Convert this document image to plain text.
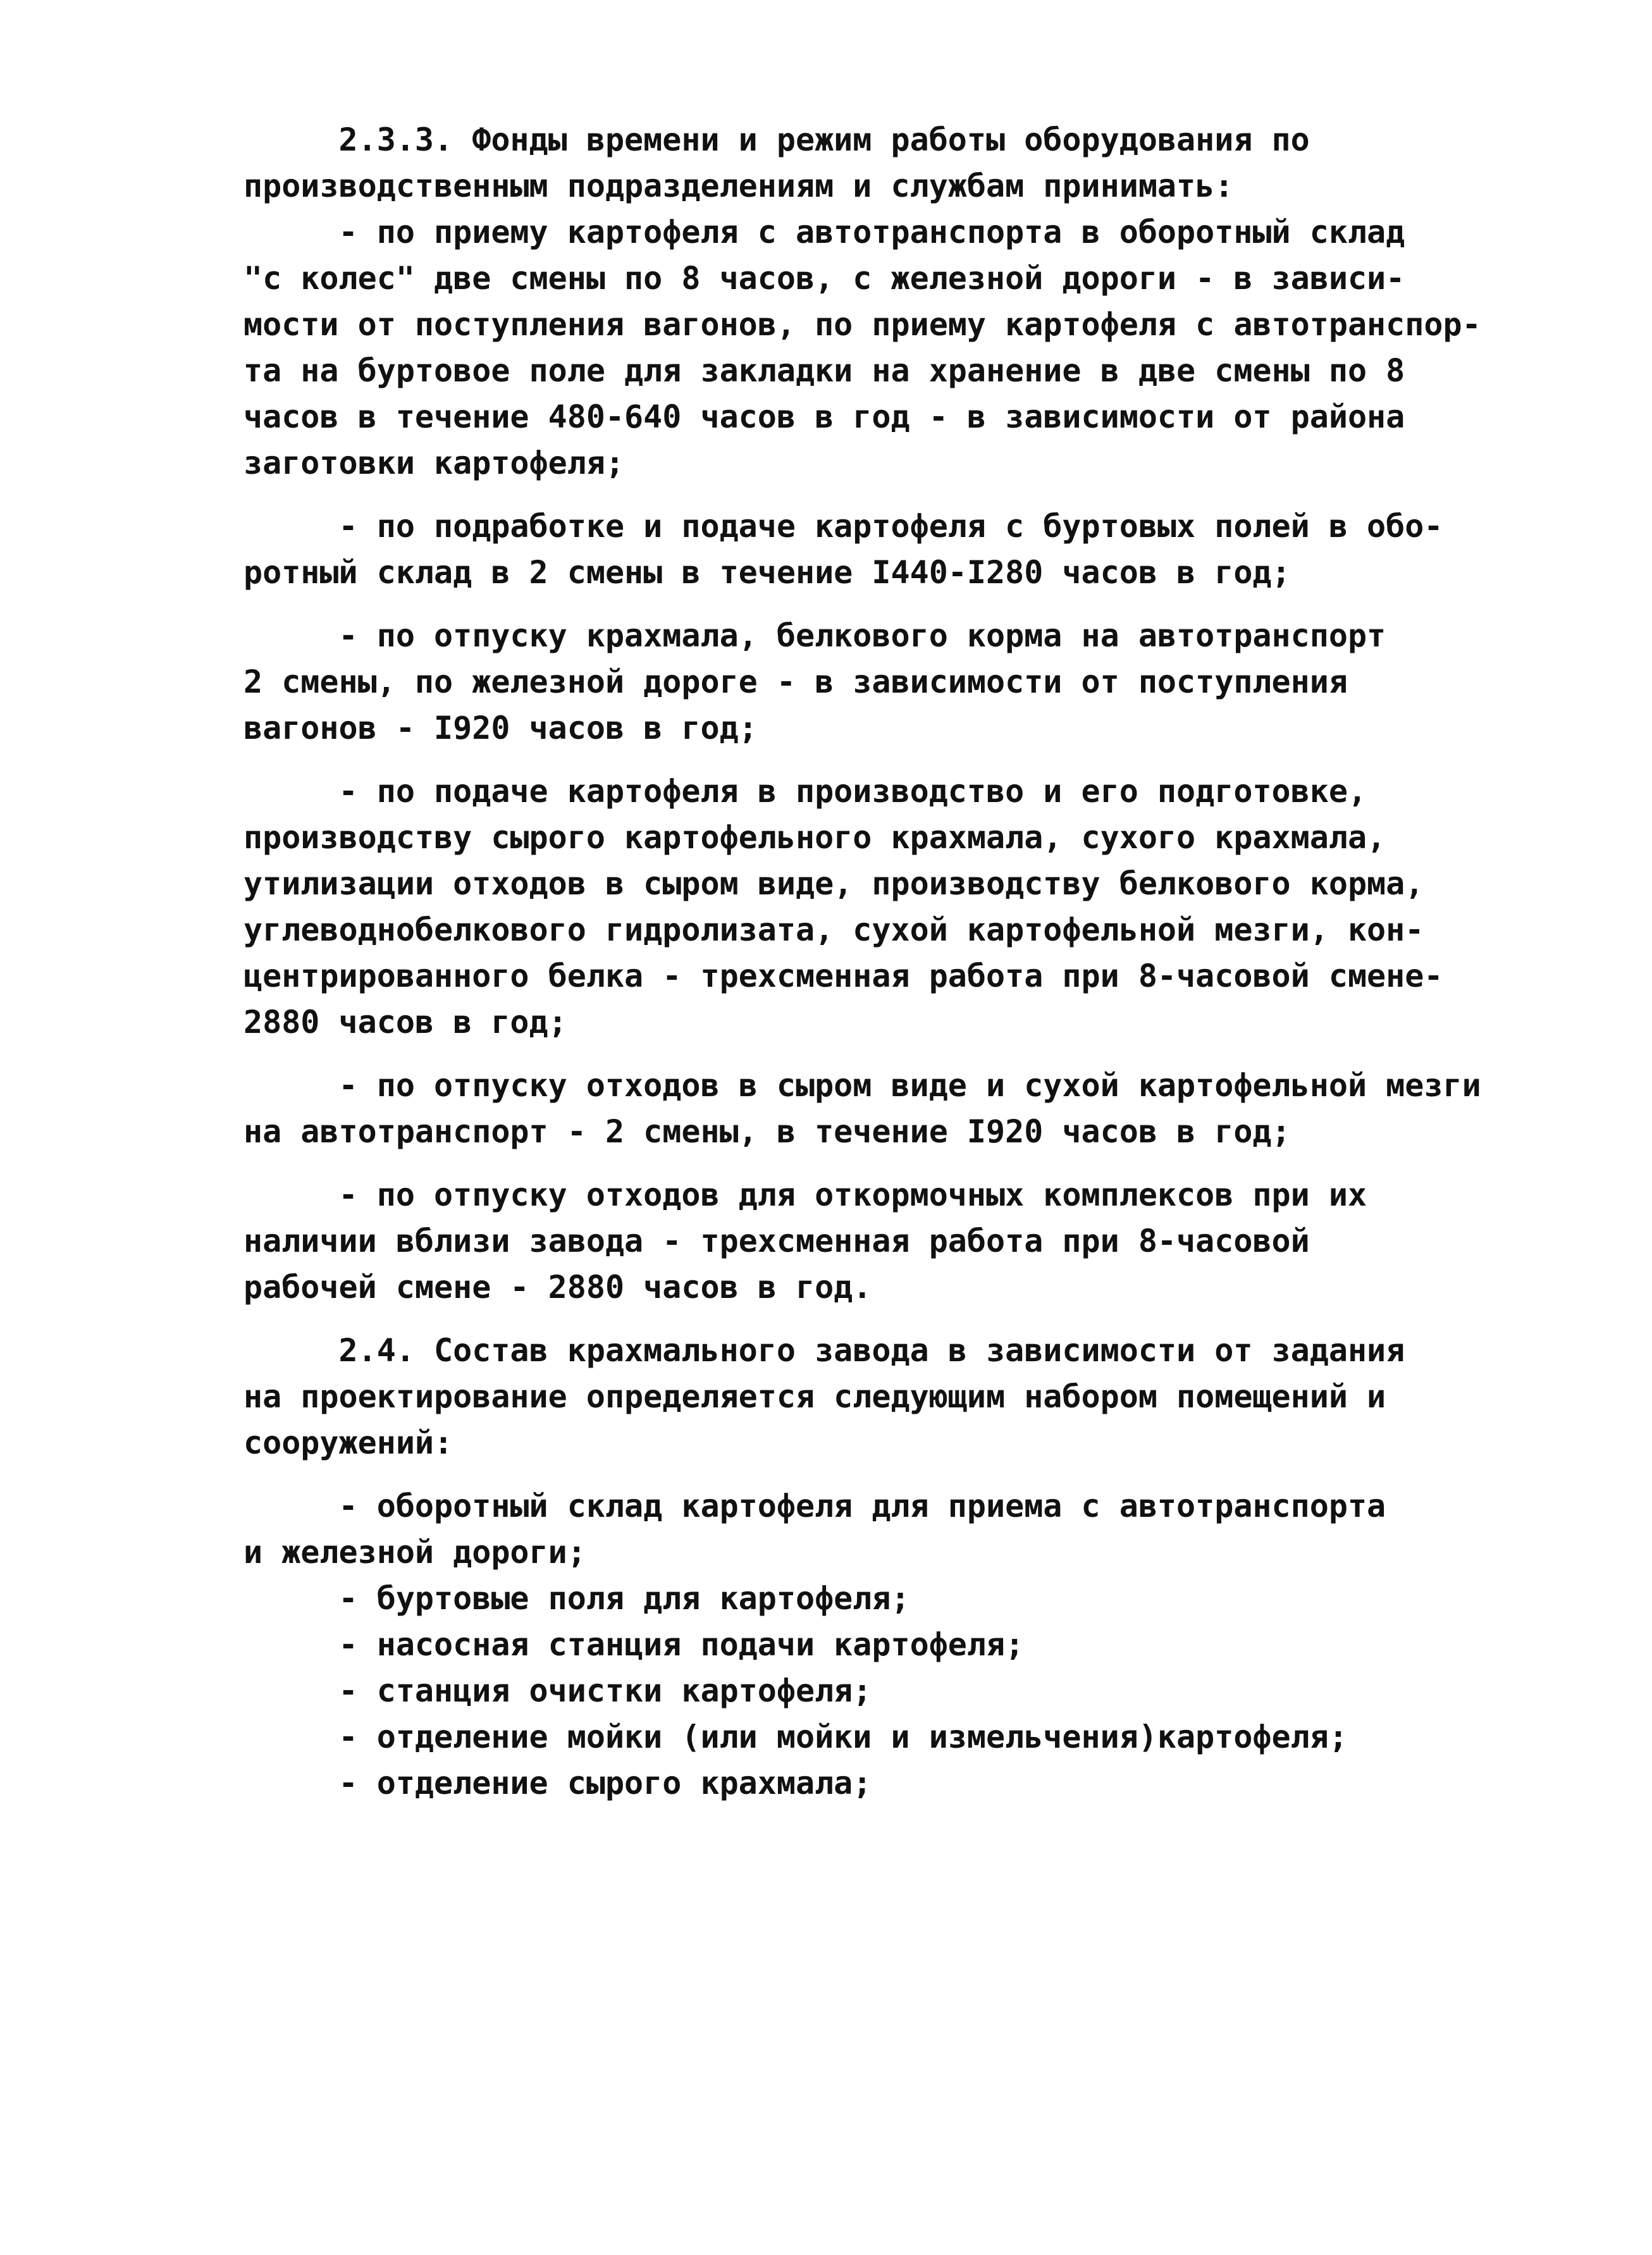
2.3.3. Фонды времени и режим работы оборудования по
производственным подразделениям и службам принимать:
- по приему картофеля с автотранспорта в оборотный склад
"с колес" две смены по 8 часов, с железной дороги - в зависи-
мости от поступления вагонов, по приему картофеля с автотранспор-
та на буртовое поле для закладки на хранение в две смены по 8
часов в течение 480-640 часов в год - в зависимости от района
заготовки картофеля;
- по подработке и подаче картофеля с буртовых полей в обо-
ротный склад в 2 смены в течение I440-I280 часов в год;
- по отпуску крахмала, белкового корма на автотранспорт
2 смены, по железной дороге - в зависимости от поступления
вагонов - I920 часов в год;
- по подаче картофеля в производство и его подготовке,
производству сырого картофельного крахмала, сухого крахмала,
утилизации отходов в сыром виде, производству белкового корма,
углеводнобелкового гидролизата, сухой картофельной мезги, кон-
центрированного белка - трехсменная работа при 8-часовой смене-
2880 часов в год;
- по отпуску отходов в сыром виде и сухой картофельной мезги
на автотранспорт - 2 смены, в течение I920 часов в год;
- по отпуску отходов для откормочных комплексов при их
наличии вблизи завода - трехсменная работа при 8-часовой
рабочей смене - 2880 часов в год.
2.4. Состав крахмального завода в зависимости от задания
на проектирование определяется следующим набором помещений и
сооружений:
- оборотный склад картофеля для приема с автотранспорта
и железной дороги;
- буртовые поля для картофеля;
- насосная станция подачи картофеля;
- станция очистки картофеля;
- отделение мойки (или мойки и измельчения)картофеля;
- отделение сырого крахмала;
